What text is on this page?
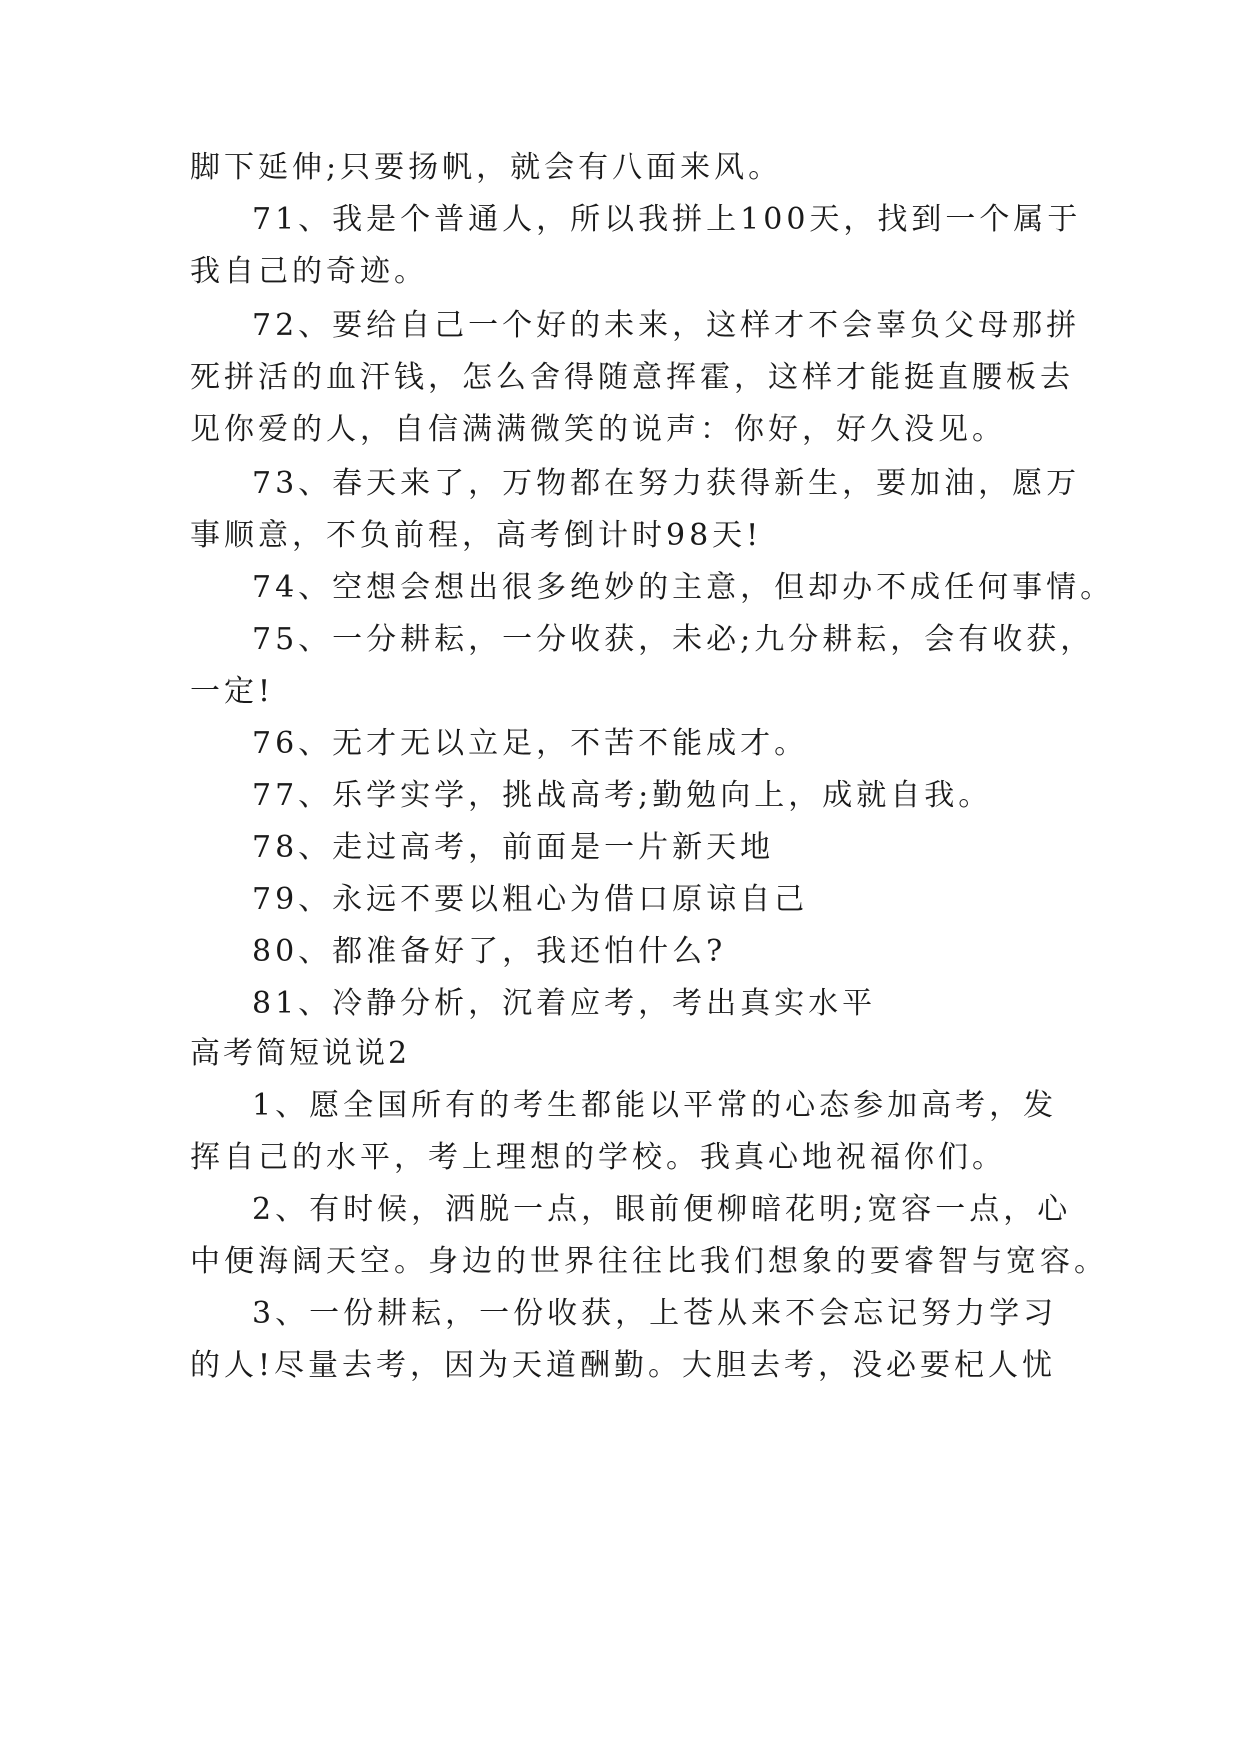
脚下延伸;只要扬帆，就会有八面来风。
71、我是个普通人，所以我拼上100天，找到一个属于
我自己的奇迹。
72、要给自己一个好的未来，这样才不会辜负父母那拼
死拼活的血汗钱，怎么舍得随意挥霍，这样才能挺直腰板去
见你爱的人，自信满满微笑的说声：你好，好久没见。
73、春天来了，万物都在努力获得新生，要加油，愿万
事顺意，不负前程，高考倒计时98天!
74、空想会想出很多绝妙的主意，但却办不成任何事情。
75、一分耕耘，一分收获，未必;九分耕耘，会有收获，
一定!
76、无才无以立足，不苦不能成才。
77、乐学实学，挑战高考;勤勉向上，成就自我。
78、走过高考，前面是一片新天地
79、永远不要以粗心为借口原谅自己
80、都准备好了，我还怕什么?
81、冷静分析，沉着应考，考出真实水平
高考简短说说2
1、愿全国所有的考生都能以平常的心态参加高考，发
挥自己的水平，考上理想的学校。我真心地祝福你们。
2、有时候，洒脱一点，眼前便柳暗花明;宽容一点，心
中便海阔天空。身边的世界往往比我们想象的要睿智与宽容。
3、一份耕耘，一份收获，上苍从来不会忘记努力学习
的人!尽量去考，因为天道酬勤。大胆去考，没必要杞人忧
